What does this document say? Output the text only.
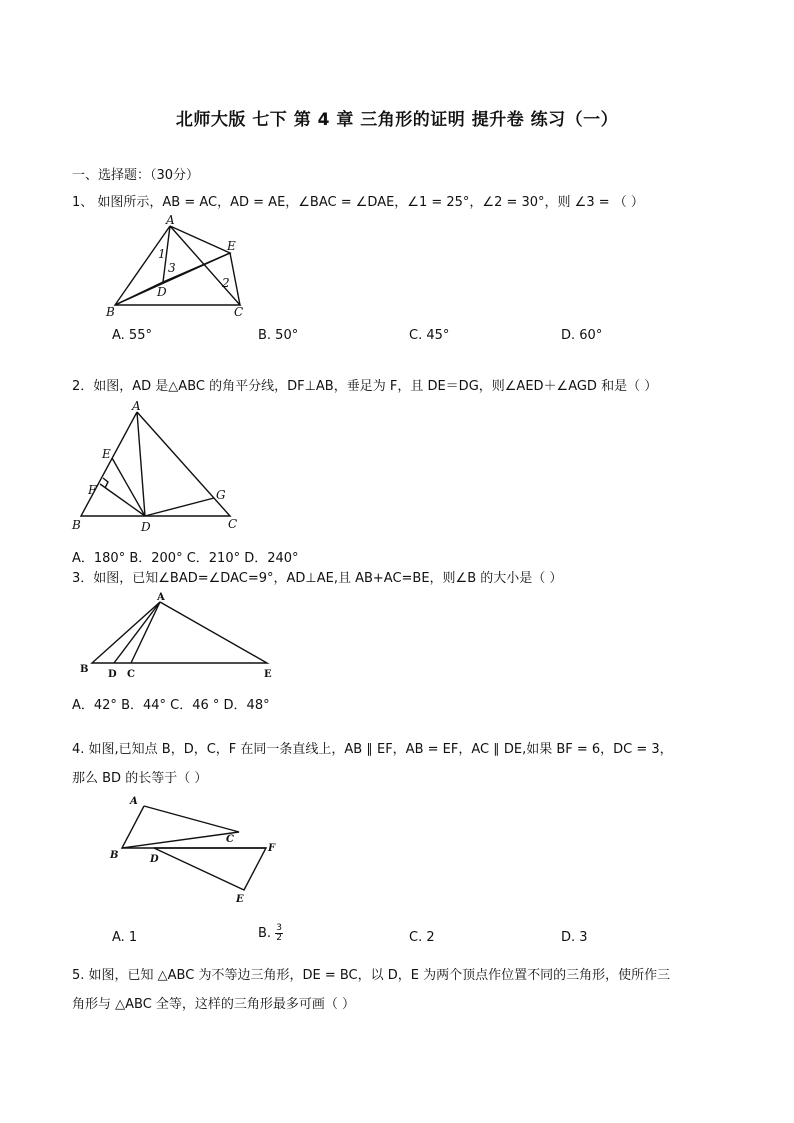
北师大版 七下 第 4 章 三角形的证明 提升卷 练习（一）
一、选择题：（30分）
1、 如图所示，AB = AC，AD = AE，∠BAC = ∠DAE，∠1 = 25°，∠2 = 30°，则 ∠3 = （ ）
A
E
B	C
D
1
3
2
A. 55°	B. 50°	C. 45°	D. 60°
2．如图，AD 是△ABC 的角平分线，DF⊥AB，垂足为 F，且 DE＝DG，则∠AED＋∠AGD 和是（ ）
A
E
F	G
B	D	C
A．180° B．200° C．210° D．240°
3．如图，已知∠BAD=∠DAC=9°，AD⊥AE,且 AB+AC=BE，则∠B 的大小是（ ）
A
B D C	E
A．42° B．44° C．46 ° D．48°
4. 如图,已知点 B，D，C，F 在同一条直线上，AB ∥ EF，AB = EF，AC ∥ DE,如果 BF = 6，DC = 3，
那么 BD 的长等于（ ）
A
B	D
C
F
E
A. 1	B. $\frac{3}{2}$	C. 2	D. 3
5. 如图，已知 △ABC 为不等边三角形，DE = BC，以 D，E 为两个顶点作位置不同的三角形，使所作三
角形与 △ABC 全等，这样的三角形最多可画（ ）
